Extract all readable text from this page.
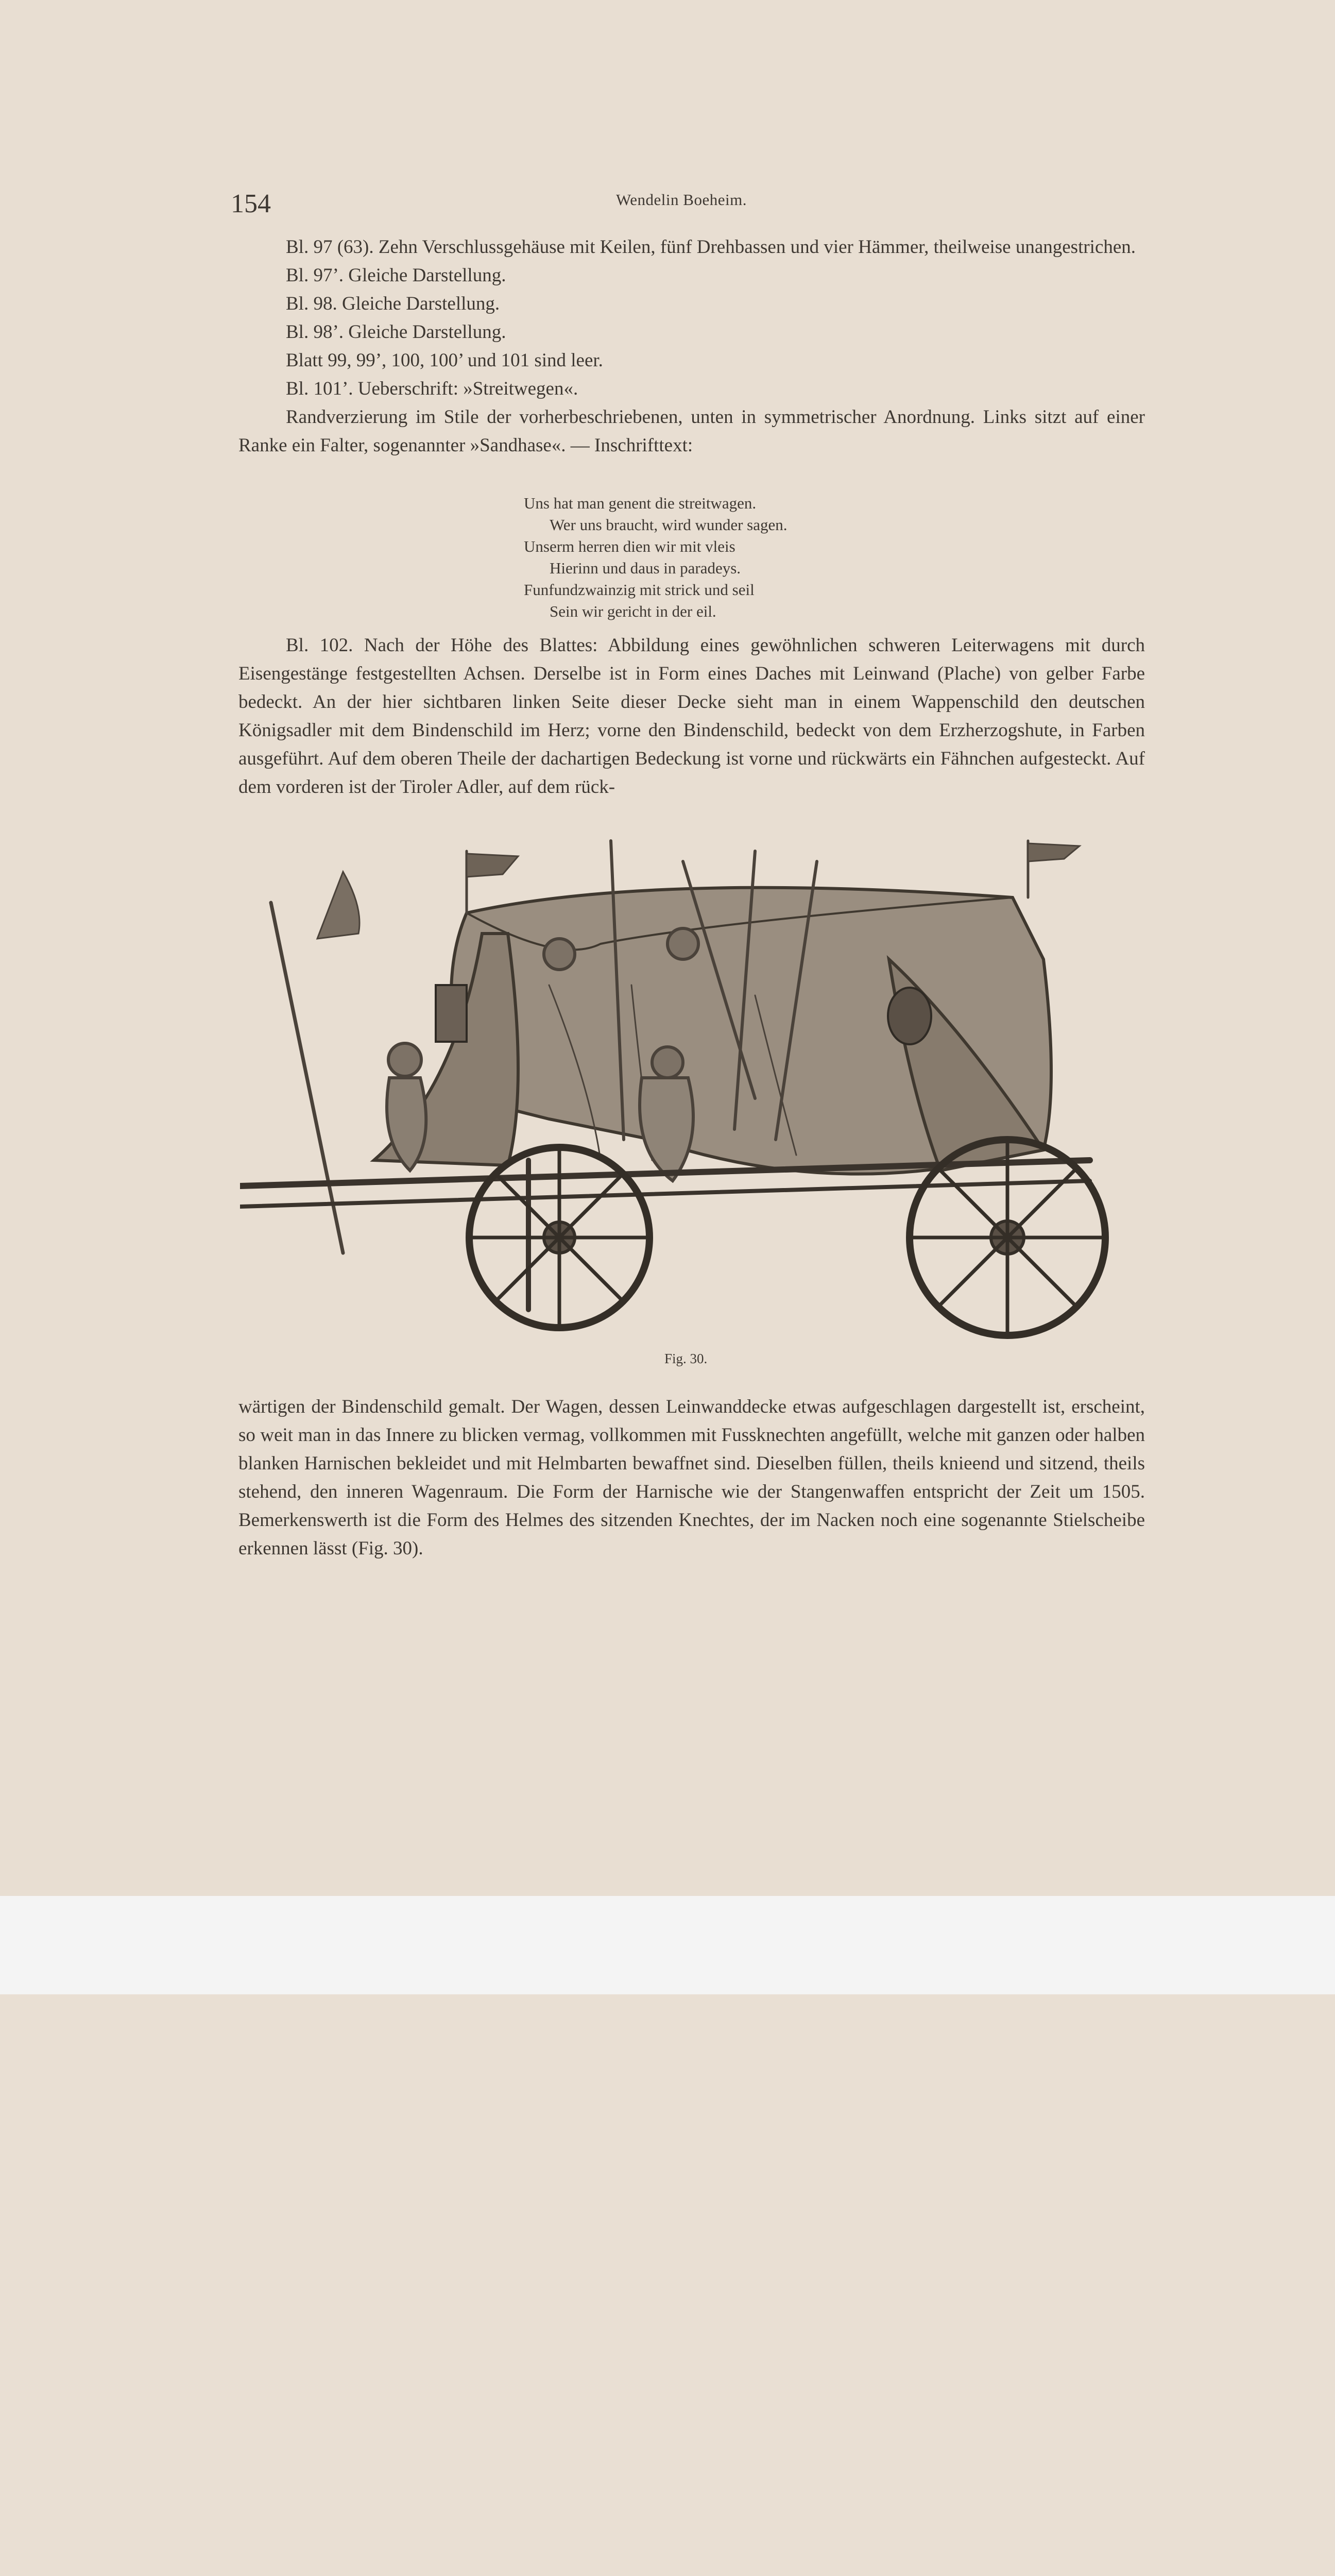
154	Wendelin Boeheim.

Bl. 97 (63). Zehn Verschlussgehäuse mit Keilen, fünf Drehbassen und vier Hämmer, theilweise unangestrichen.

Bl. 97’. Gleiche Darstellung.

Bl. 98. Gleiche Darstellung.

Bl. 98’. Gleiche Darstellung.

Blatt 99, 99’, 100, 100’ und 101 sind leer.

Bl. 101’. Ueberschrift: »Streitwegen«.

Randverzierung im Stile der vorherbeschriebenen, unten in symmetrischer Anordnung. Links sitzt auf einer Ranke ein Falter, sogenannter »Sandhase«. — Inschrifttext:

Uns hat man genent die streitwagen.
Wer uns braucht, wird wunder sagen.
Unserm herren dien wir mit vleis
Hierinn und daus in paradeys.
Funfundzwainzig mit strick und seil
Sein wir gericht in der eil.

Bl. 102. Nach der Höhe des Blattes: Abbildung eines gewöhnlichen schweren Leiterwagens mit durch Eisengestänge festgestellten Achsen. Derselbe ist in Form eines Daches mit Leinwand (Plache) von gelber Farbe bedeckt. An der hier sichtbaren linken Seite dieser Decke sieht man in einem Wappenschild den deutschen Königsadler mit dem Bindenschild im Herz; vorne den Bindenschild, bedeckt von dem Erzherzogshute, in Farben ausgeführt. Auf dem oberen Theile der dachartigen Bedeckung ist vorne und rückwärts ein Fähnchen aufgesteckt. Auf dem vorderen ist der Tiroler Adler, auf dem rück-

Fig. 30.

wärtigen der Bindenschild gemalt. Der Wagen, dessen Leinwanddecke etwas aufgeschlagen dargestellt ist, erscheint, so weit man in das Innere zu blicken vermag, vollkommen mit Fussknechten angefüllt, welche mit ganzen oder halben blanken Harnischen bekleidet und mit Helmbarten bewaffnet sind. Dieselben füllen, theils knieend und sitzend, theils stehend, den inneren Wagenraum. Die Form der Harnische wie der Stangenwaffen entspricht der Zeit um 1505. Bemerkenswerth ist die Form des Helmes des sitzenden Knechtes, der im Nacken noch eine sogenannte Stielscheibe erkennen lässt (Fig. 30).
